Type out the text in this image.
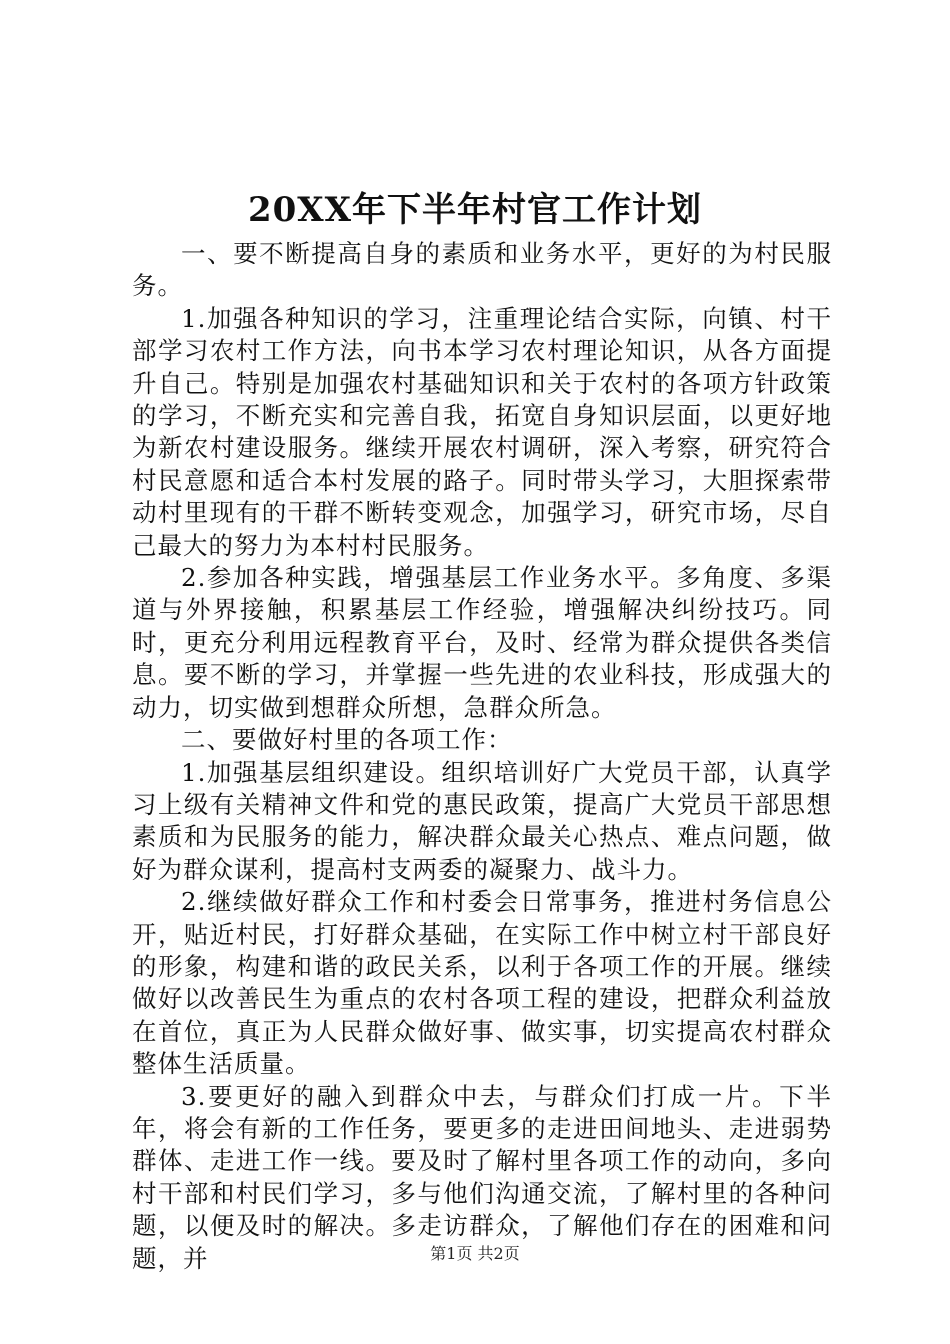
20XX年下半年村官工作计划

一、要不断提高自身的素质和业务水平，更好的为村民服务。

1.加强各种知识的学习，注重理论结合实际，向镇、村干部学习农村工作方法，向书本学习农村理论知识，从各方面提升自己。特别是加强农村基础知识和关于农村的各项方针政策的学习，不断充实和完善自我，拓宽自身知识层面，以更好地为新农村建设服务。继续开展农村调研，深入考察，研究符合村民意愿和适合本村发展的路子。同时带头学习，大胆探索带动村里现有的干群不断转变观念，加强学习，研究市场，尽自己最大的努力为本村村民服务。

2.参加各种实践，增强基层工作业务水平。多角度、多渠道与外界接触，积累基层工作经验，增强解决纠纷技巧。同时，更充分利用远程教育平台，及时、经常为群众提供各类信息。要不断的学习，并掌握一些先进的农业科技，形成强大的动力，切实做到想群众所想，急群众所急。

二、要做好村里的各项工作：

1.加强基层组织建设。组织培训好广大党员干部，认真学习上级有关精神文件和党的惠民政策，提高广大党员干部思想素质和为民服务的能力，解决群众最关心热点、难点问题，做好为群众谋利，提高村支两委的凝聚力、战斗力。

2.继续做好群众工作和村委会日常事务，推进村务信息公开，贴近村民，打好群众基础，在实际工作中树立村干部良好的形象，构建和谐的政民关系，以利于各项工作的开展。继续做好以改善民生为重点的农村各项工程的建设，把群众利益放在首位，真正为人民群众做好事、做实事，切实提高农村群众整体生活质量。

3.要更好的融入到群众中去，与群众们打成一片。下半年，将会有新的工作任务，要更多的走进田间地头、走进弱势群体、走进工作一线。要及时了解村里各项工作的动向，多向村干部和村民们学习，多与他们沟通交流，了解村里的各种问题，以便及时的解决。多走访群众，了解他们存在的困难和问题，并	第1页 共2页
